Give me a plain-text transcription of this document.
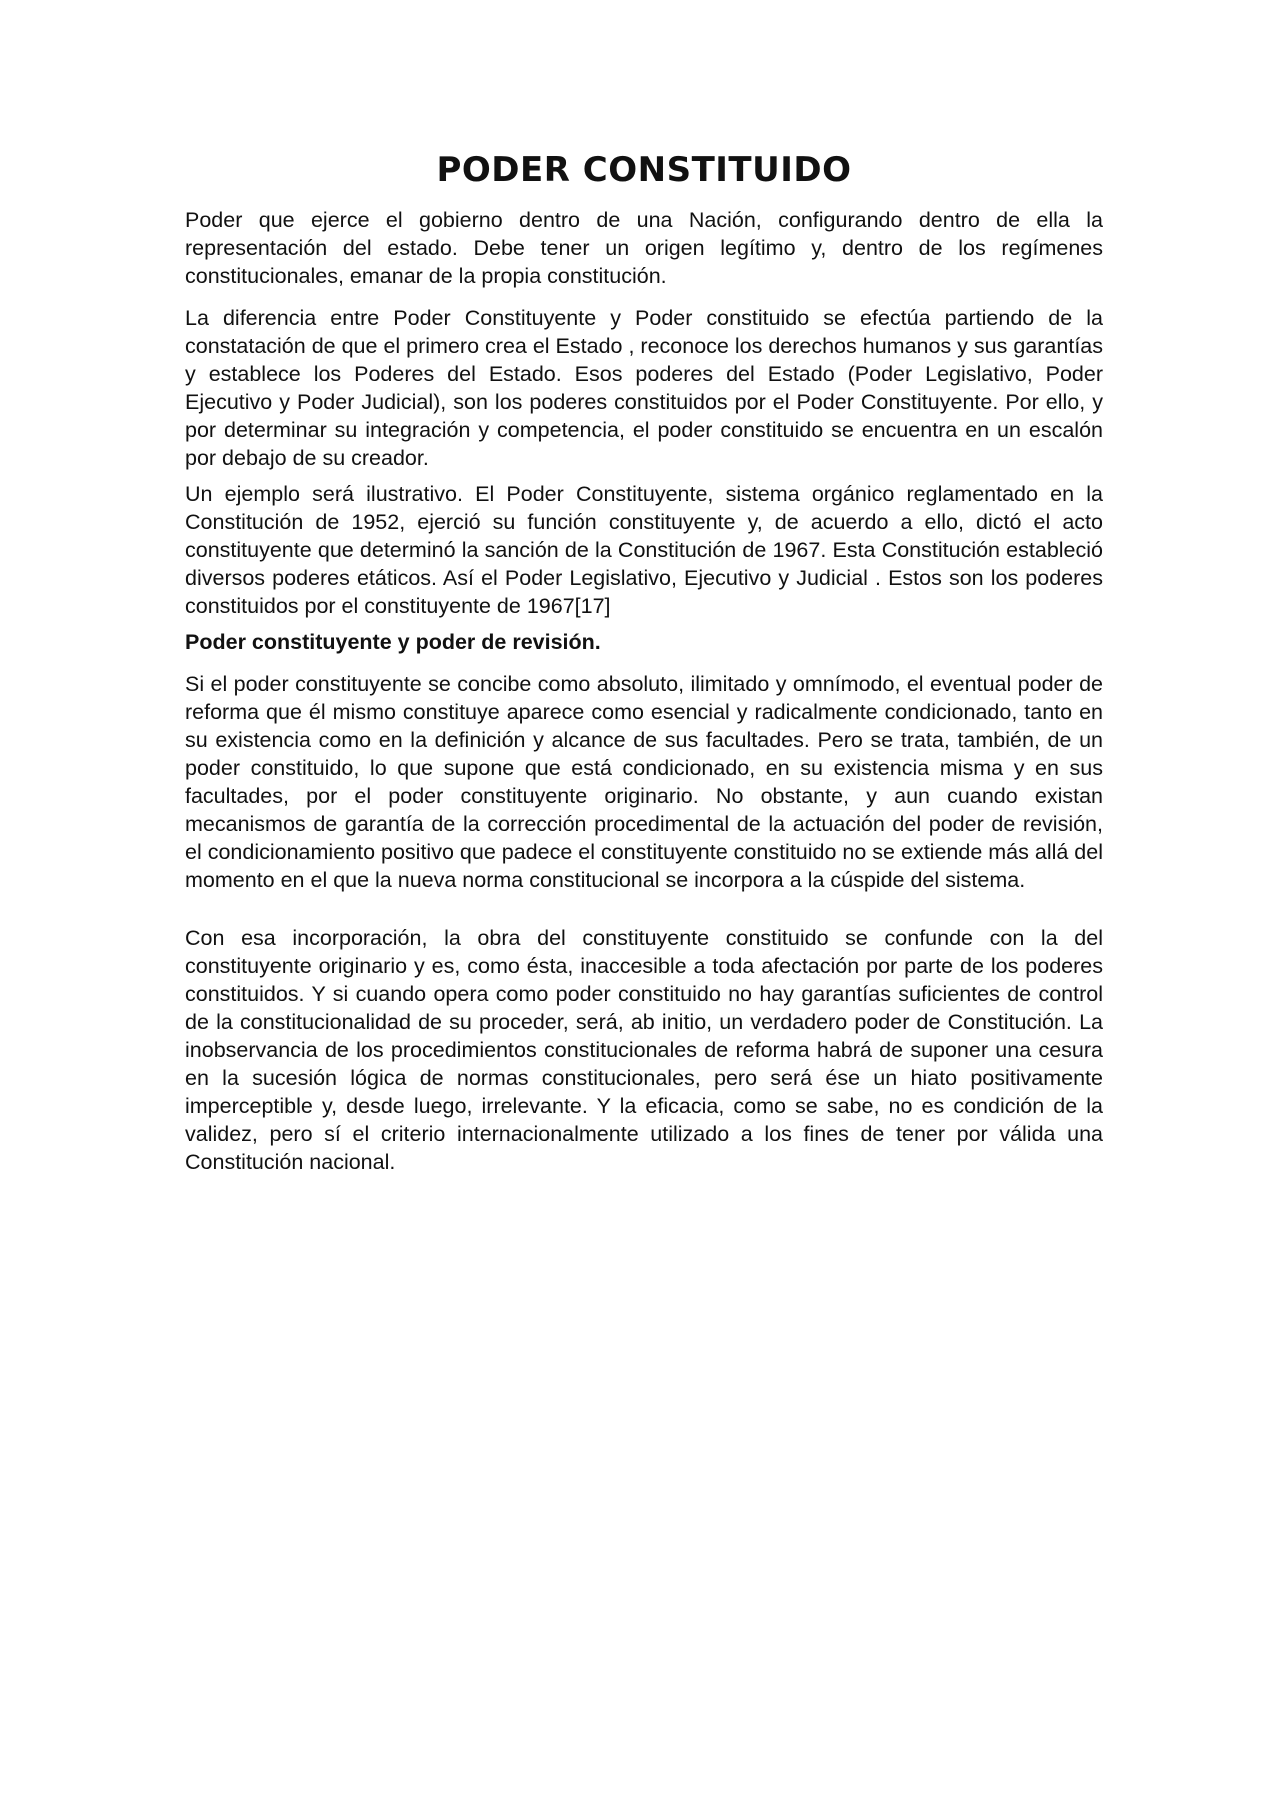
PODER CONSTITUIDO

Poder que ejerce el gobierno dentro de una Nación, configurando dentro de ella la representación del estado. Debe tener un origen legítimo y, dentro de los regímenes constitucionales, emanar de la propia constitución.

La diferencia entre Poder Constituyente y Poder constituido se efectúa partiendo de la constatación de que el primero crea el Estado , reconoce los derechos humanos y sus garantías y establece los Poderes del Estado. Esos poderes del Estado (Poder Legislativo, Poder Ejecutivo y Poder Judicial), son los poderes constituidos por el Poder Constituyente. Por ello, y por determinar su integración y competencia, el poder constituido se encuentra en un escalón por debajo de su creador.

Un ejemplo será ilustrativo. El Poder Constituyente, sistema orgánico reglamentado en la Constitución de 1952, ejerció su función constituyente y, de acuerdo a ello, dictó el acto constituyente que determinó la sanción de la Constitución de 1967. Esta Constitución estableció diversos poderes etáticos. Así el Poder Legislativo, Ejecutivo y Judicial . Estos son los poderes constituidos por el constituyente de 1967[17]

Poder constituyente y poder de revisión.

Si el poder constituyente se concibe como absoluto, ilimitado y omnímodo, el eventual poder de reforma que él mismo constituye aparece como esencial y radicalmente condicionado, tanto en su existencia como en la definición y alcance de sus facultades. Pero se trata, también, de un poder constituido, lo que supone que está condicionado, en su existencia misma y en sus facultades, por el poder constituyente originario. No obstante, y aun cuando existan mecanismos de garantía de la corrección procedimental de la actuación del poder de revisión, el condicionamiento positivo que padece el constituyente constituido no se extiende más allá del momento en el que la nueva norma constitucional se incorpora a la cúspide del sistema.

Con esa incorporación, la obra del constituyente constituido se confunde con la del constituyente originario y es, como ésta, inaccesible a toda afectación por parte de los poderes constituidos. Y si cuando opera como poder constituido no hay garantías suficientes de control de la constitucionalidad de su proceder, será, ab initio, un verdadero poder de Constitución. La inobservancia de los procedimientos constitucionales de reforma habrá de suponer una cesura en la sucesión lógica de normas constitucionales, pero será ése un hiato positivamente imperceptible y, desde luego, irrelevante. Y la eficacia, como se sabe, no es condición de la validez, pero sí el criterio internacionalmente utilizado a los fines de tener por válida una Constitución nacional.
